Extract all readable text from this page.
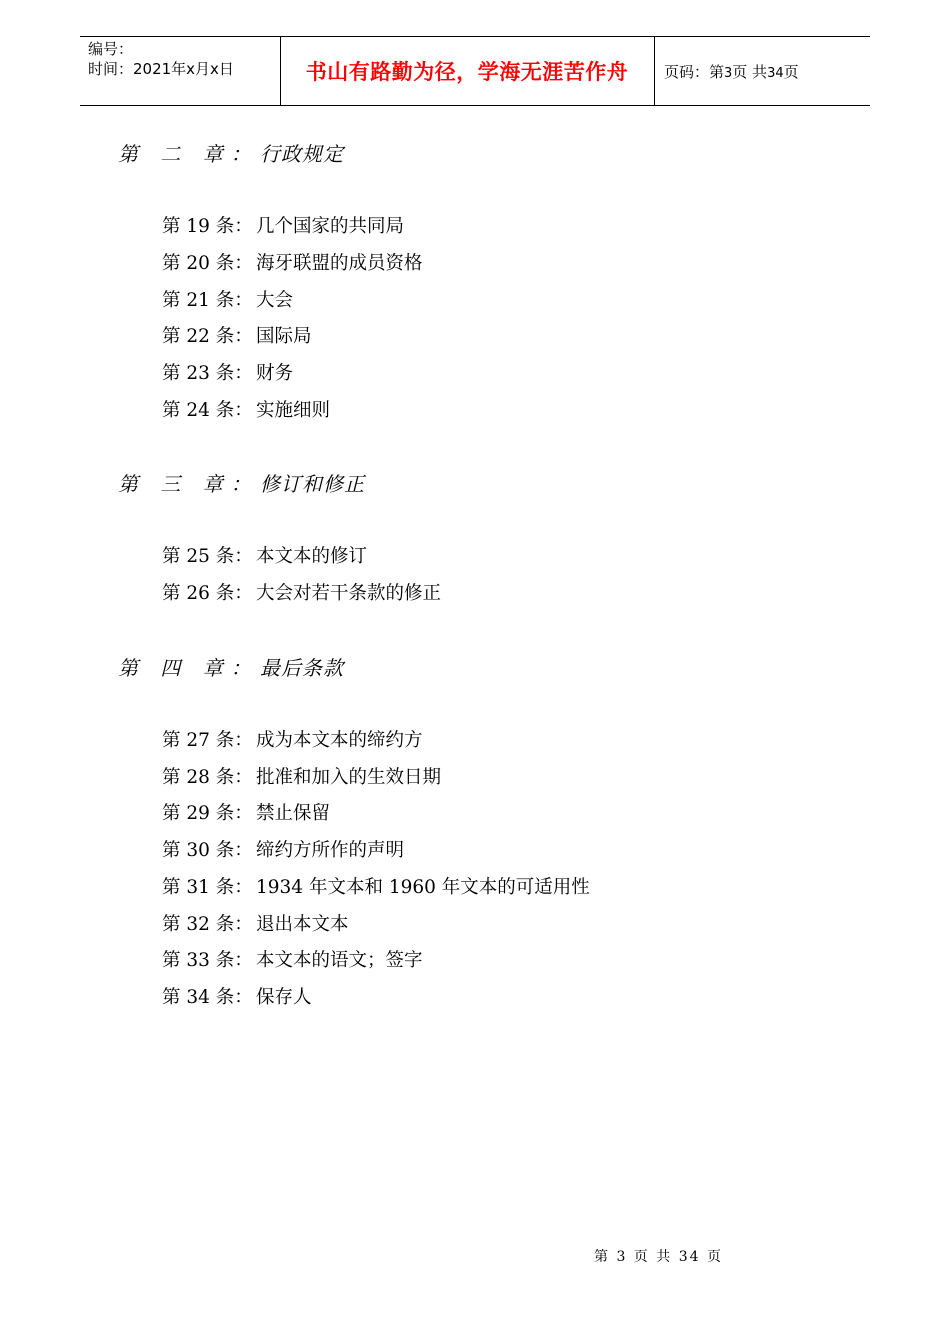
编号：
时间：2021年x月x日	书山有路勤为径，学海无涯苦作舟	页码：第3页 共34页
第 二 章：行政规定
第 19 条： 几个国家的共同局
第 20 条： 海牙联盟的成员资格
第 21 条： 大会
第 22 条： 国际局
第 23 条： 财务
第 24 条： 实施细则
第 三 章：修订和修正
第 25 条： 本文本的修订
第 26 条： 大会对若干条款的修正
第 四 章：最后条款
第 27 条： 成为本文本的缔约方
第 28 条： 批准和加入的生效日期
第 29 条： 禁止保留
第 30 条： 缔约方所作的声明
第 31 条： 1934 年文本和 1960 年文本的可适用性
第 32 条： 退出本文本
第 33 条： 本文本的语文；签字
第 34 条： 保存人
第 3 页 共 34 页
